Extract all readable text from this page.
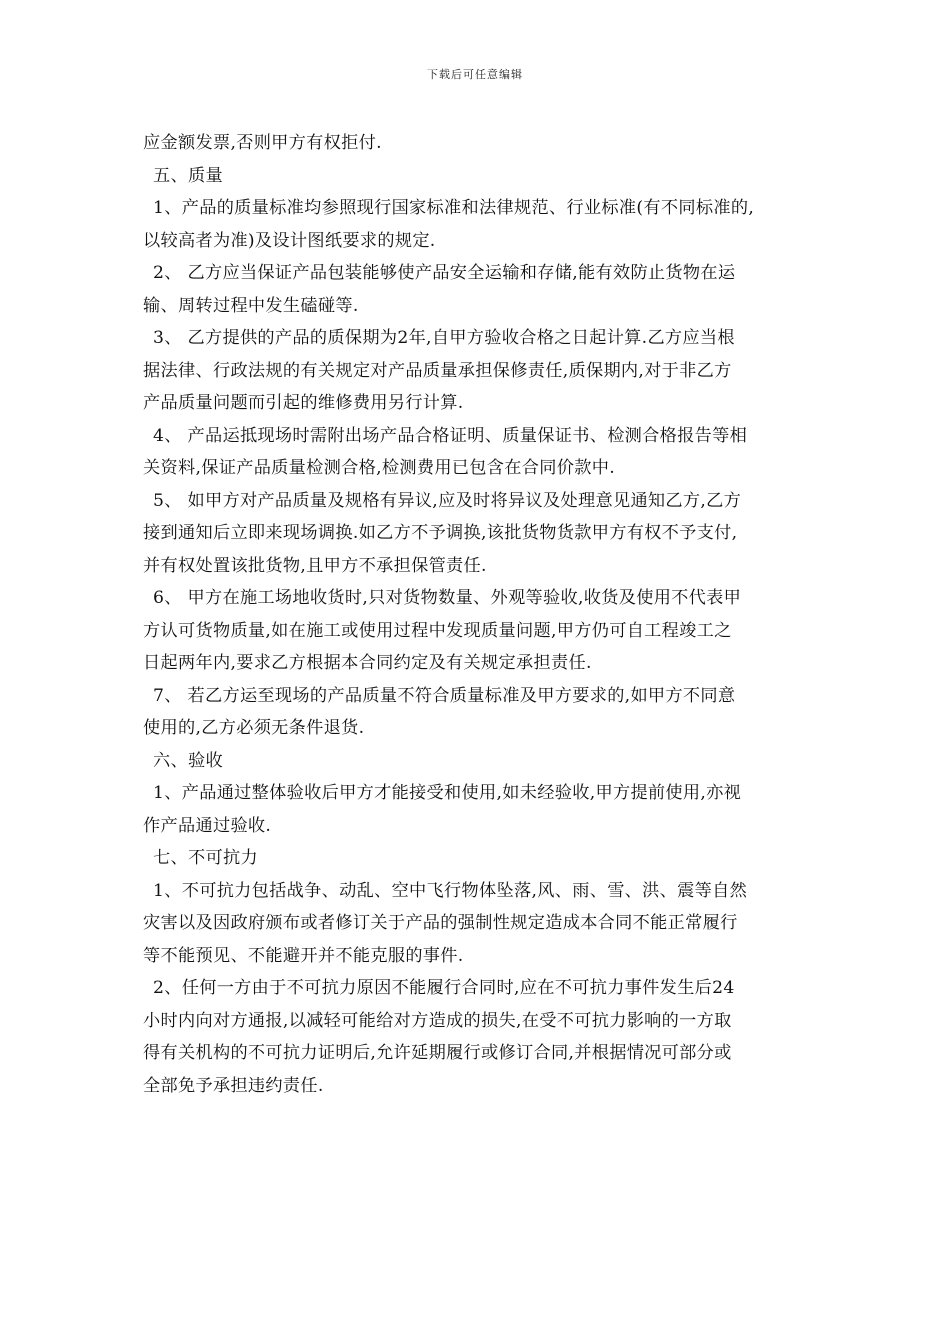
下载后可任意编辑
应金额发票,否则甲方有权拒付.
五、质量
1、产品的质量标准均参照现行国家标准和法律规范、行业标准(有不同标准的,
以较高者为准)及设计图纸要求的规定.
2、 乙方应当保证产品包装能够使产品安全运输和存储,能有效防止货物在运
输、周转过程中发生磕碰等.
3、 乙方提供的产品的质保期为2年,自甲方验收合格之日起计算.乙方应当根
据法律、行政法规的有关规定对产品质量承担保修责任,质保期内,对于非乙方
产品质量问题而引起的维修费用另行计算.
4、 产品运抵现场时需附出场产品合格证明、质量保证书、检测合格报告等相
关资料,保证产品质量检测合格,检测费用已包含在合同价款中.
5、 如甲方对产品质量及规格有异议,应及时将异议及处理意见通知乙方,乙方
接到通知后立即来现场调换.如乙方不予调换,该批货物货款甲方有权不予支付,
并有权处置该批货物,且甲方不承担保管责任.
6、 甲方在施工场地收货时,只对货物数量、外观等验收,收货及使用不代表甲
方认可货物质量,如在施工或使用过程中发现质量问题,甲方仍可自工程竣工之
日起两年内,要求乙方根据本合同约定及有关规定承担责任.
7、 若乙方运至现场的产品质量不符合质量标准及甲方要求的,如甲方不同意
使用的,乙方必须无条件退货.
六、验收
1、产品通过整体验收后甲方才能接受和使用,如未经验收,甲方提前使用,亦视
作产品通过验收.
七、不可抗力
1、不可抗力包括战争、动乱、空中飞行物体坠落,风、雨、雪、洪、震等自然
灾害以及因政府颁布或者修订关于产品的强制性规定造成本合同不能正常履行
等不能预见、不能避开并不能克服的事件.
2、任何一方由于不可抗力原因不能履行合同时,应在不可抗力事件发生后24
小时内向对方通报,以减轻可能给对方造成的损失,在受不可抗力影响的一方取
得有关机构的不可抗力证明后,允许延期履行或修订合同,并根据情况可部分或
全部免予承担违约责任.
